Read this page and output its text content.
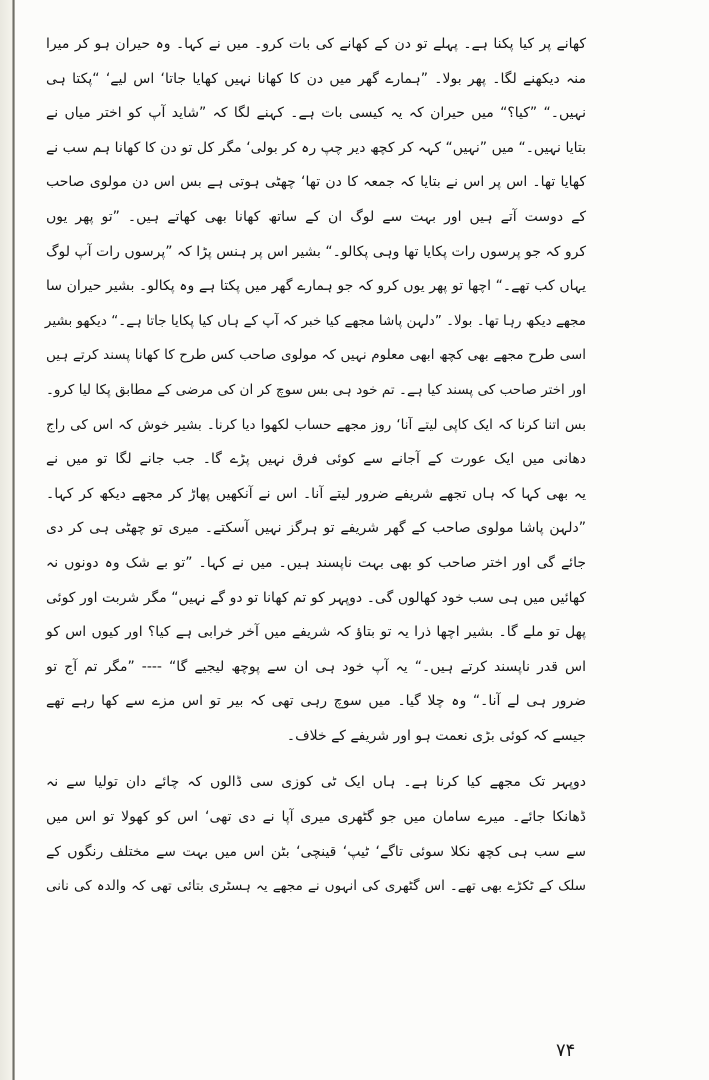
کھانے پر کیا پکنا ہے۔ پہلے تو دن کے کھانے کی بات کرو۔ میں نے کہا۔ وہ حیران ہو کر میرا
منہ دیکھنے لگا۔ پھر بولا۔ ”ہمارے گھر میں دن کا کھانا نہیں کھایا جاتا‘ اس لیے‘ “پکتا ہی
نہیں۔“ ”کیا؟“ میں حیران کہ یہ کیسی بات ہے۔ کہنے لگا کہ ”شاید آپ کو اختر میاں نے
بتایا نہیں۔“ میں ”نہیں“ کہہ کر کچھ دیر چپ رہ کر بولی‘ مگر کل تو دن کا کھانا ہم سب نے
کھایا تھا۔ اس پر اس نے بتایا کہ جمعہ کا دن تھا‘ چھٹی ہوتی ہے بس اس دن مولوی صاحب
کے دوست آتے ہیں اور بہت سے لوگ ان کے ساتھ کھانا بھی کھاتے ہیں۔ ”تو پھر یوں
کرو کہ جو پرسوں رات پکایا تھا وہی پکالو۔“ بشیر اس پر ہنس پڑا کہ ”پرسوں رات آپ لوگ
یہاں کب تھے۔“ اچھا تو پھر یوں کرو کہ جو ہمارے گھر میں پکتا ہے وہ پکالو۔ بشیر حیران سا
مجھے دیکھ رہا تھا۔ بولا۔ ”دلہن پاشا مجھے کیا خبر کہ آپ کے ہاں کیا پکایا جاتا ہے۔“ دیکھو بشیر
اسی طرح مجھے بھی کچھ ابھی معلوم نہیں کہ مولوی صاحب کس طرح کا کھانا پسند کرتے ہیں
اور اختر صاحب کی پسند کیا ہے۔ تم خود ہی بس سوچ کر ان کی مرضی کے مطابق پکا لیا کرو۔
بس اتنا کرنا کہ ایک کاپی لیتے آنا‘ روز مجھے حساب لکھوا دیا کرنا۔ بشیر خوش کہ اس کی راج
دھانی میں ایک عورت کے آجانے سے کوئی فرق نہیں پڑے گا۔ جب جانے لگا تو میں نے
یہ بھی کہا کہ ہاں تجھے شریفے ضرور لیتے آنا۔ اس نے آنکھیں پھاڑ کر مجھے دیکھ کر کہا۔
”دلہن پاشا مولوی صاحب کے گھر شریفے تو ہرگز نہیں آسکتے۔ میری تو چھٹی ہی کر دی
جائے گی اور اختر صاحب کو بھی بہت ناپسند ہیں۔ میں نے کہا۔ ”تو بے شک وہ دونوں نہ
کھائیں میں ہی سب خود کھالوں گی۔ دوپہر کو تم کھانا تو دو گے نہیں“ مگر شربت اور کوئی
پھل تو ملے گا۔ بشیر اچھا ذرا یہ تو بتاؤ کہ شریفے میں آخر خرابی ہے کیا؟ اور کیوں اس کو
اس قدر ناپسند کرتے ہیں۔“ یہ آپ خود ہی ان سے پوچھ لیجیے گا“ ---- ”مگر تم آج تو
ضرور ہی لے آنا۔“ وہ چلا گیا۔ میں سوچ رہی تھی کہ بیر تو اس مزے سے کھا رہے تھے
جیسے کہ کوئی بڑی نعمت ہو اور شریفے کے خلاف۔
دوپہر تک مجھے کیا کرنا ہے۔ ہاں ایک ٹی کوزی سی ڈالوں کہ چائے دان تولیا سے نہ
ڈھانکا جائے۔ میرے سامان میں جو گٹھری میری آپا نے دی تھی‘ اس کو کھولا تو اس میں
سے سب ہی کچھ نکلا سوئی تاگے‘ ٹیپ‘ قینچی‘ بٹن اس میں بہت سے مختلف رنگوں کے
سلک کے ٹکڑے بھی تھے۔ اس گٹھری کی انہوں نے مجھے یہ ہسٹری بتائی تھی کہ والدہ کی نانی
۷۴
